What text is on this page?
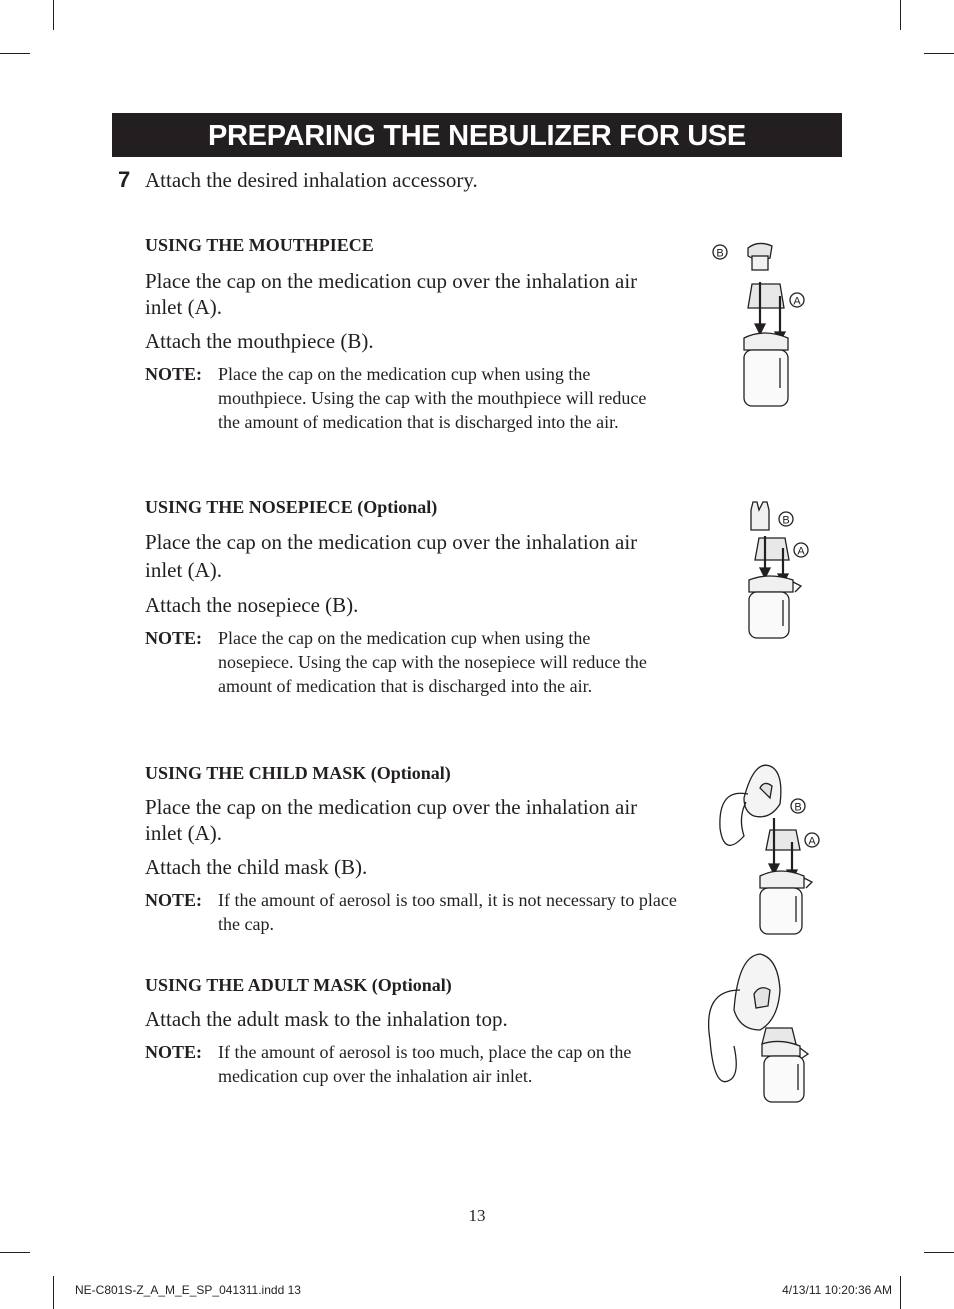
PREPARING THE NEBULIZER FOR USE
7 Attach the desired inhalation accessory.

USING THE MOUTHPIECE

Place the cap on the medication cup over the inhalation air inlet (A).

Attach the mouthpiece (B).

NOTE: Place the cap on the medication cup when using the mouthpiece. Using the cap with the mouthpiece will reduce the amount of medication that is discharged into the air.

USING THE NOSEPIECE (Optional)

Place the cap on the medication cup over the inhalation air inlet (A).

Attach the nosepiece (B).

NOTE: Place the cap on the medication cup when using the nosepiece. Using the cap with the nosepiece will reduce the amount of medication that is discharged into the air.

USING THE CHILD MASK (Optional)

Place the cap on the medication cup over the inhalation air inlet (A).

Attach the child mask (B).

NOTE: If the amount of aerosol is too small, it is not necessary to place the cap.

USING THE ADULT MASK (Optional)

Attach the adult mask to the inhalation top.

NOTE: If the amount of aerosol is too much, place the cap on the medication cup over the inhalation air inlet.
B
A
B
A
B
A
13
NE-C801S-Z_A_M_E_SP_041311.indd 13	4/13/11 10:20:36 AM
